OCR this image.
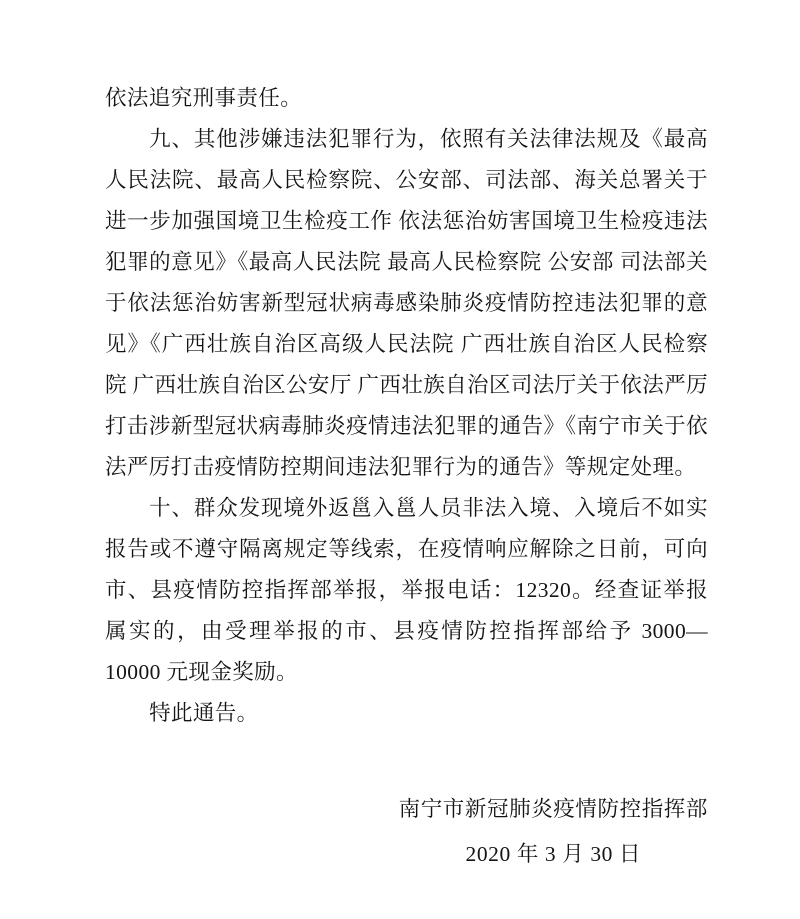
依法追究刑事责任。

九、其他涉嫌违法犯罪行为，依照有关法律法规及《最高人民法院、最高人民检察院、公安部、司法部、海关总署关于进一步加强国境卫生检疫工作 依法惩治妨害国境卫生检疫违法犯罪的意见》《最高人民法院 最高人民检察院 公安部 司法部关于依法惩治妨害新型冠状病毒感染肺炎疫情防控违法犯罪的意见》《广西壮族自治区高级人民法院 广西壮族自治区人民检察院 广西壮族自治区公安厅 广西壮族自治区司法厅关于依法严厉打击涉新型冠状病毒肺炎疫情违法犯罪的通告》《南宁市关于依法严厉打击疫情防控期间违法犯罪行为的通告》等规定处理。

十、群众发现境外返邕入邕人员非法入境、入境后不如实报告或不遵守隔离规定等线索，在疫情响应解除之日前，可向市、县疫情防控指挥部举报，举报电话：12320。经查证举报属实的，由受理举报的市、县疫情防控指挥部给予 3000—10000 元现金奖励。

特此通告。

南宁市新冠肺炎疫情防控指挥部
2020 年 3 月 30 日
